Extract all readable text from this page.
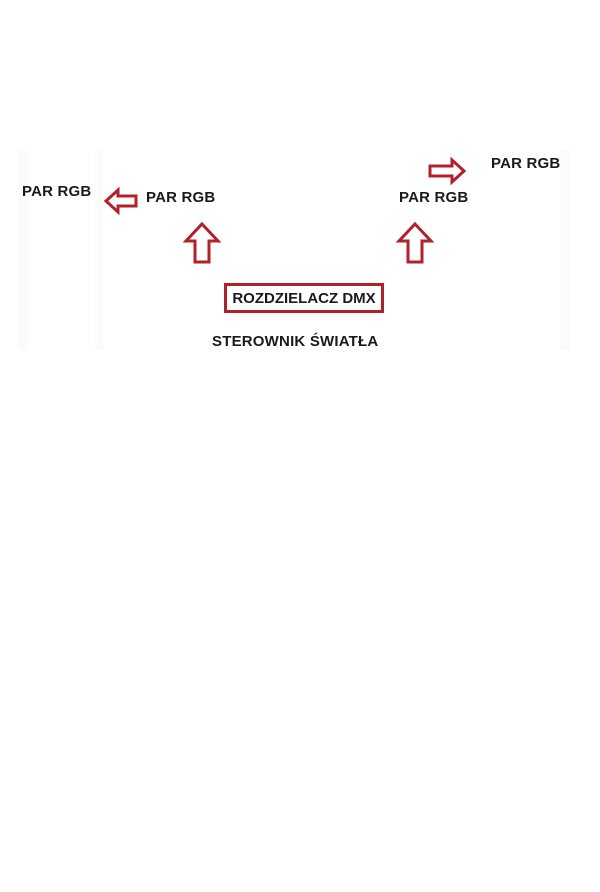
PAR RGB	PAR RGB	PAR RGB
PAR RGB
ROZDZIELACZ DMX
STEROWNIK ŚWIATŁA
